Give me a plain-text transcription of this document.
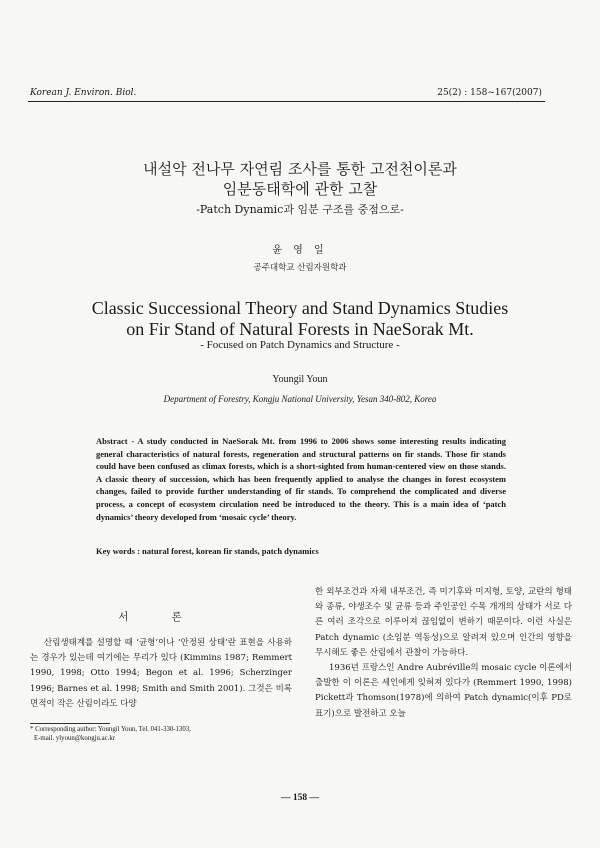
Korean J. Environ. Biol.	25(2) : 158~167(2007)
내설악 전나무 자연림 조사를 통한 고전천이론과
임분동태학에 관한 고찰
-Patch Dynamic과 임분 구조를 중점으로-
윤 영 일
공주대학교 산림자원학과
Classic Successional Theory and Stand Dynamics Studies
on Fir Stand of Natural Forests in NaeSorak Mt.
- Focused on Patch Dynamics and Structure -
Youngil Youn
Department of Forestry, Kongju National University, Yesan 340-802, Korea
Abstract - A study conducted in NaeSorak Mt. from 1996 to 2006 shows some interesting results indicating general characteristics of natural forests, regeneration and structural patterns on fir stands. Those fir stands could have been confused as climax forests, which is a short-sighted from human-centered view on those stands. A classic theory of succession, which has been frequently applied to analyse the changes in forest ecosystem changes, failed to provide further understanding of fir stands. To comprehend the complicated and diverse process, a concept of ecosystem circulation need be introduced to the theory. This is a main idea of ‘patch dynamics’ theory developed from ‘mosaic cycle’ theory.
Key words : natural forest, korean fir stands, patch dynamics
서 론

산림생태계를 설명할 때 ‘균형’이나 ‘안정된 상태’란 표현을 사용하는 경우가 있는데 여기에는 무리가 있다 (Kimmins 1987; Remmert 1990, 1998; Otto 1994; Begon et al. 1996; Scherzinger 1996; Barnes et al. 1998; Smith and Smith 2001). 그것은 비록 면적이 작은 산림이라도 다양

한 외부조건과 자체 내부조건, 즉 미기후와 미지형, 토양, 교란의 형태와 종류, 야생조수 및 균류 등과 주인공인 수목 개개의 상태가 서로 다른 여러 조각으로 이루어져 끊임없이 변하기 때문이다. 이런 사실은 Patch dynamic (소임분 역동성)으로 알려져 있으며 인간의 영향을 무시해도 좋은 산림에서 관찰이 가능하다.

1936년 프랑스인 Andre Aubréville의 mosaic cycle 이론에서 출발한 이 이론은 세인에게 잊혀져 있다가 (Remmert 1990, 1998) Pickett과 Thomson(1978)에 의하여 Patch dynamic(이후 PD로 표기)으로 발전하고 오늘

* Corresponding author: Youngil Youn, Tel. 041-330-1303,
E-mail. ylyoun@kongju.ac.kr
— 158 —
